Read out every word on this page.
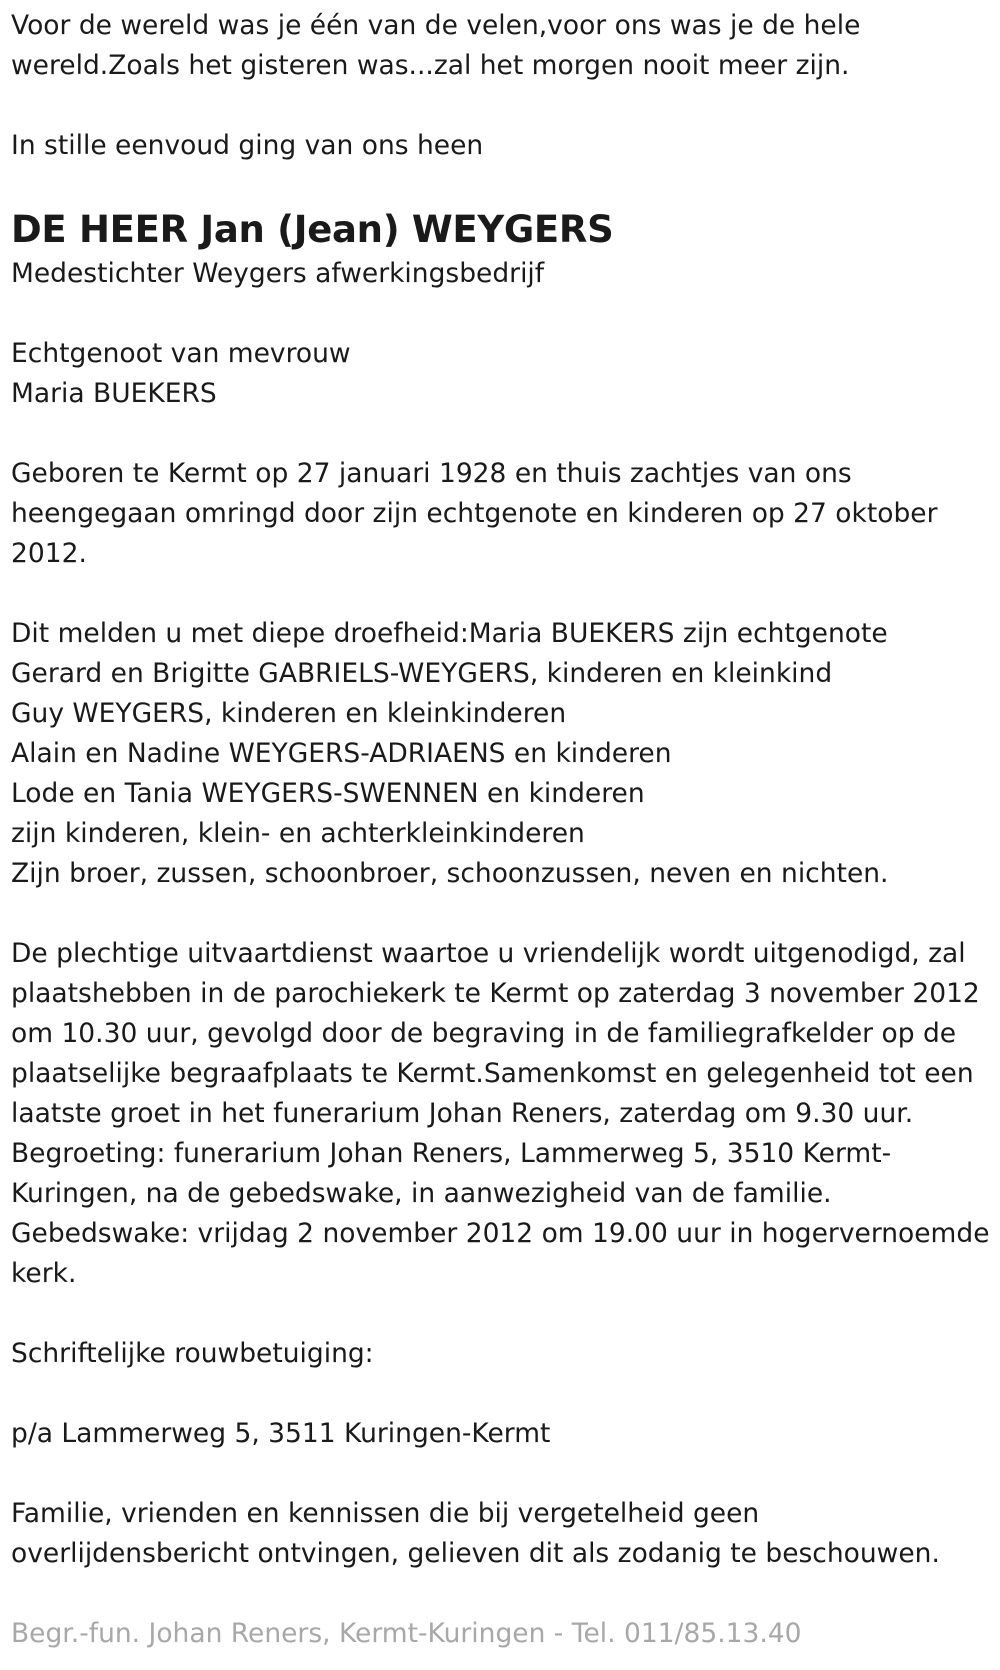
Voor de wereld was je één van de velen,voor ons was je de hele
wereld.Zoals het gisteren was...zal het morgen nooit meer zijn.
In stille eenvoud ging van ons heen
DE HEER Jan (Jean) WEYGERS
Medestichter Weygers afwerkingsbedrijf
Echtgenoot van mevrouw
Maria BUEKERS
Geboren te Kermt op 27 januari 1928 en thuis zachtjes van ons
heengegaan omringd door zijn echtgenote en kinderen op 27 oktober
2012.
Dit melden u met diepe droefheid:Maria BUEKERS zijn echtgenote
Gerard en Brigitte GABRIELS-WEYGERS, kinderen en kleinkind
Guy WEYGERS, kinderen en kleinkinderen
Alain en Nadine WEYGERS-ADRIAENS en kinderen
Lode en Tania WEYGERS-SWENNEN en kinderen
zijn kinderen, klein- en achterkleinkinderen
Zijn broer, zussen, schoonbroer, schoonzussen, neven en nichten.
De plechtige uitvaartdienst waartoe u vriendelijk wordt uitgenodigd, zal
plaatshebben in de parochiekerk te Kermt op zaterdag 3 november 2012
om 10.30 uur, gevolgd door de begraving in de familiegrafkelder op de
plaatselijke begraafplaats te Kermt.Samenkomst en gelegenheid tot een
laatste groet in het funerarium Johan Reners, zaterdag om 9.30 uur.
Begroeting: funerarium Johan Reners, Lammerweg 5, 3510 Kermt-
Kuringen, na de gebedswake, in aanwezigheid van de familie.
Gebedswake: vrijdag 2 november 2012 om 19.00 uur in hogervernoemde
kerk.
Schriftelijke rouwbetuiging:
p/a Lammerweg 5, 3511 Kuringen-Kermt
Familie, vrienden en kennissen die bij vergetelheid geen
overlijdensbericht ontvingen, gelieven dit als zodanig te beschouwen.
Begr.-fun. Johan Reners, Kermt-Kuringen - Tel. 011/85.13.40
